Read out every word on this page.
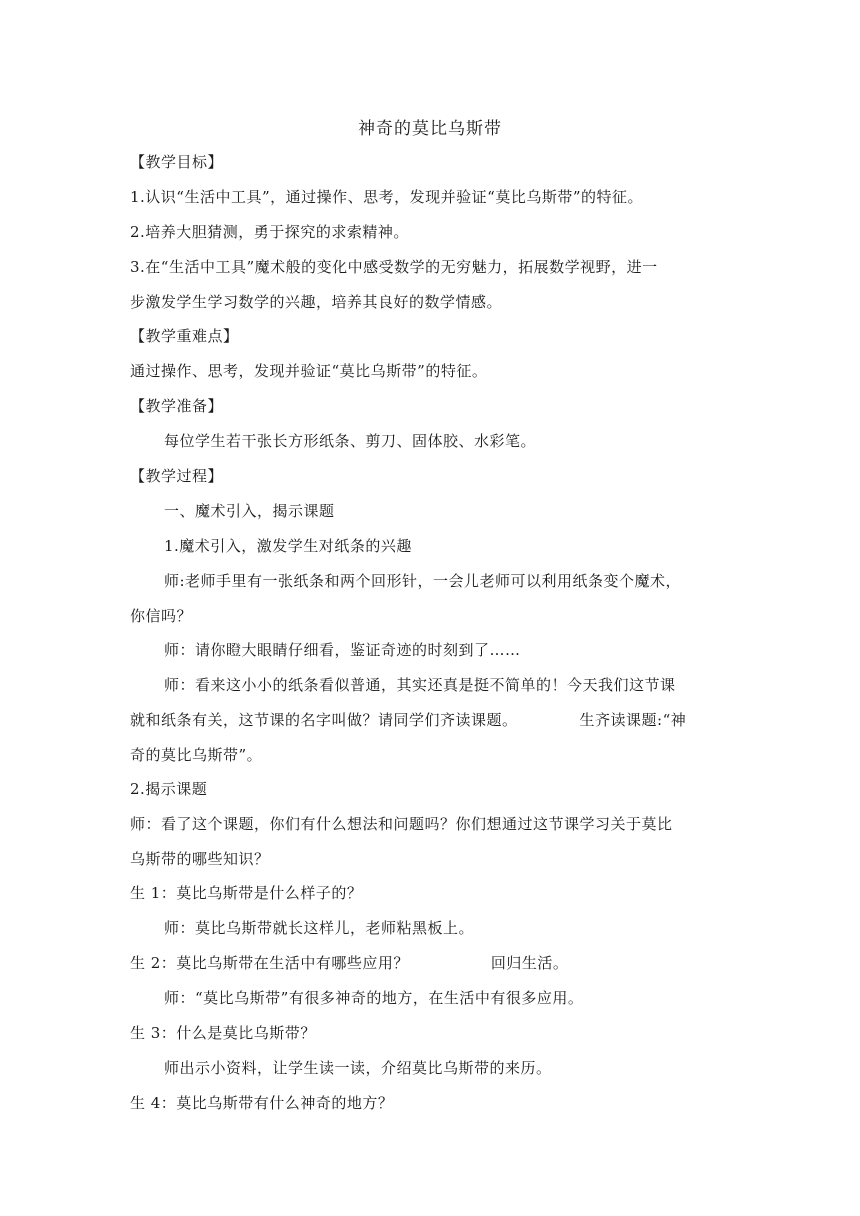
神奇的莫比乌斯带
【教学目标】
1.认识“生活中工具”，通过操作、思考，发现并验证“莫比乌斯带”的特征。
2.培养大胆猜测，勇于探究的求索精神。
3.在“生活中工具”魔术般的变化中感受数学的无穷魅力，拓展数学视野，进一
步激发学生学习数学的兴趣，培养其良好的数学情感。
【教学重难点】
通过操作、思考，发现并验证“莫比乌斯带”的特征。
【教学准备】
每位学生若干张长方形纸条、剪刀、固体胶、水彩笔。
【教学过程】
一、魔术引入，揭示课题
1.魔术引入，激发学生对纸条的兴趣
师:老师手里有一张纸条和两个回形针，一会儿老师可以利用纸条变个魔术，
你信吗？
师：请你瞪大眼睛仔细看，鉴证奇迹的时刻到了……
师：看来这小小的纸条看似普通，其实还真是挺不简单的！今天我们这节课
就和纸条有关，这节课的名字叫做？请同学们齐读课题。	生齐读课题:“神
奇的莫比乌斯带”。
2.揭示课题
师：看了这个课题，你们有什么想法和问题吗？你们想通过这节课学习关于莫比
乌斯带的哪些知识？
生 1：莫比乌斯带是什么样子的？
师：莫比乌斯带就长这样儿，老师粘黑板上。
生 2：莫比乌斯带在生活中有哪些应用？	回归生活。
师：“莫比乌斯带”有很多神奇的地方，在生活中有很多应用。
生 3：什么是莫比乌斯带？
师出示小资料，让学生读一读，介绍莫比乌斯带的来历。
生 4：莫比乌斯带有什么神奇的地方？
